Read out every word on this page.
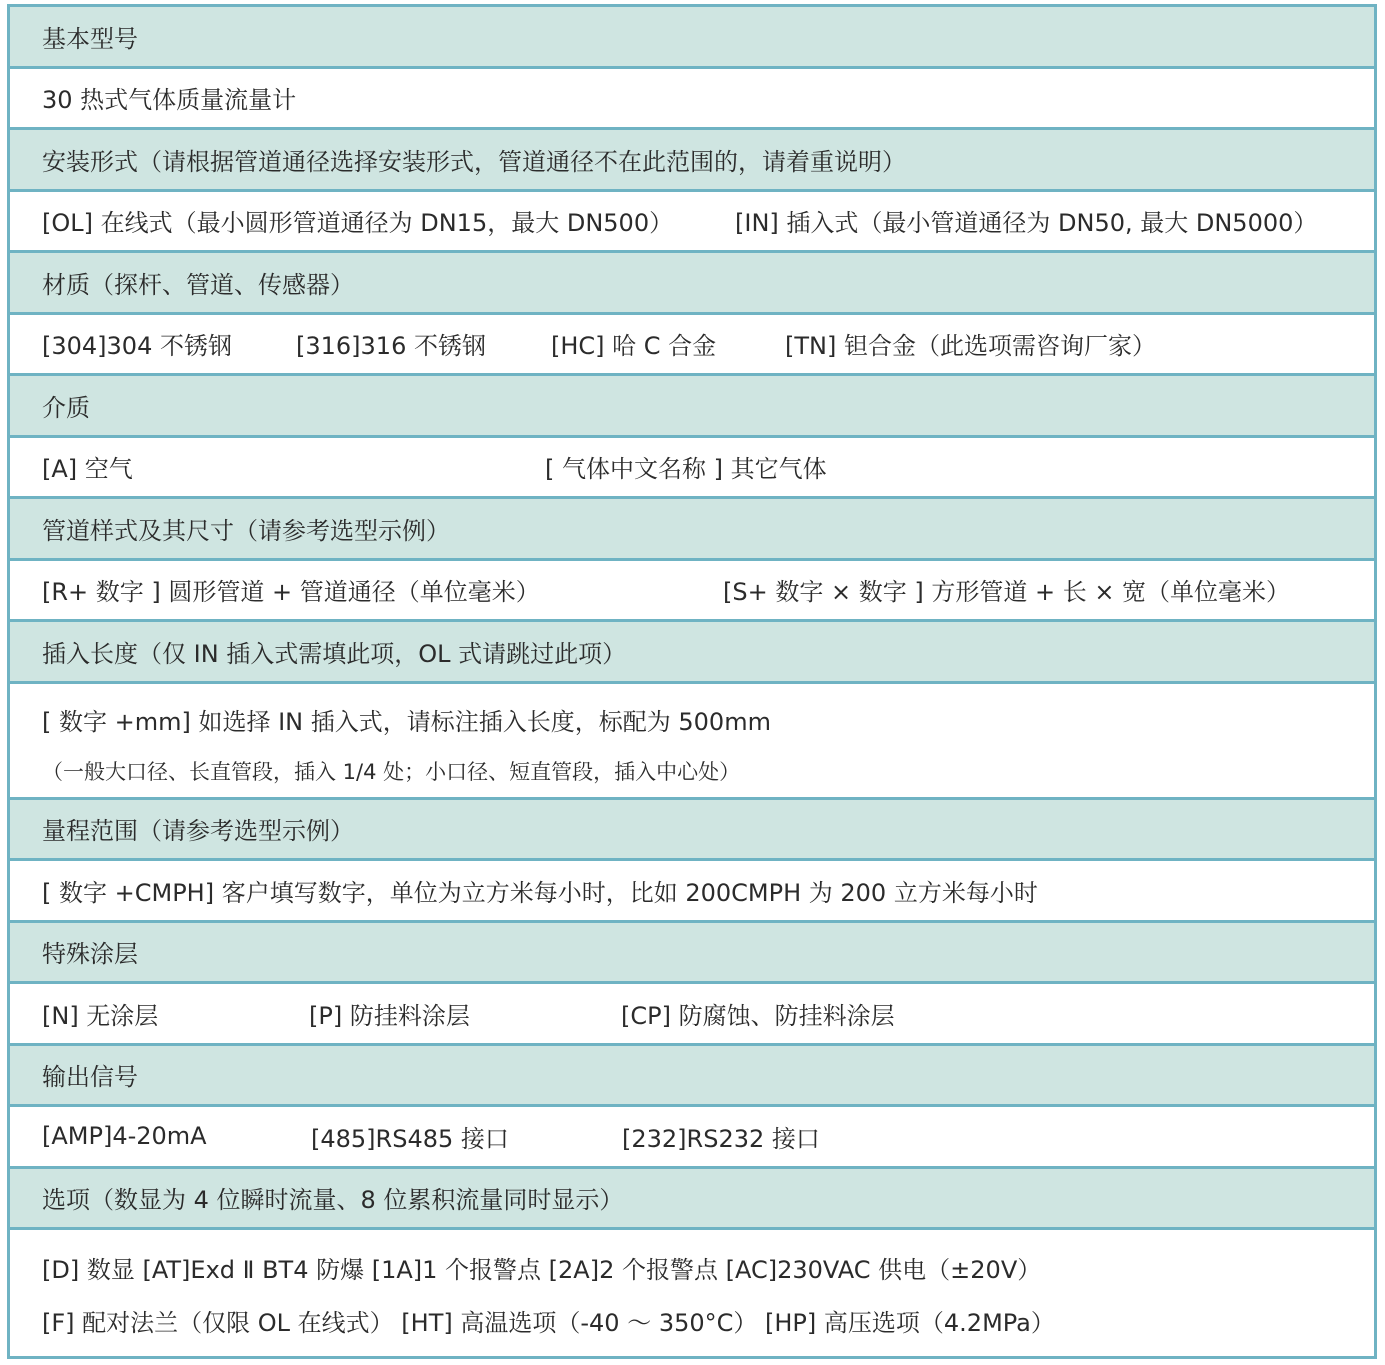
基本型号
30 热式气体质量流量计
安装形式（请根据管道通径选择安装形式，管道通径不在此范围的，请着重说明）
[OL] 在线式（最小圆形管道通径为 DN15，最大 DN500）	[IN] 插入式（最小管道通径为 DN50, 最大 DN5000）
材质（探杆、管道、传感器）
[304]304 不锈钢	[316]316 不锈钢	[HC] 哈 C 合金	[TN] 钽合金（此选项需咨询厂家）
介质
[A] 空气	[ 气体中文名称 ] 其它气体
管道样式及其尺寸（请参考选型示例）
[R+ 数字 ] 圆形管道 + 管道通径（单位毫米）	[S+ 数字 × 数字 ] 方形管道 + 长 × 宽（单位毫米）
插入长度（仅 IN 插入式需填此项，OL 式请跳过此项）
[ 数字 +mm] 如选择 IN 插入式，请标注插入长度，标配为 500mm
（一般大口径、长直管段，插入 1/4 处；小口径、短直管段，插入中心处）
量程范围（请参考选型示例）
[ 数字 +CMPH] 客户填写数字，单位为立方米每小时，比如 200CMPH 为 200 立方米每小时
特殊涂层
[N] 无涂层	[P] 防挂料涂层	[CP] 防腐蚀、防挂料涂层
输出信号
[AMP]4-20mA	[485]RS485 接口	[232]RS232 接口
选项（数显为 4 位瞬时流量、8 位累积流量同时显示）
[D] 数显 [AT]Exd Ⅱ BT4 防爆 [1A]1 个报警点 [2A]2 个报警点 [AC]230VAC 供电（±20V）
[F] 配对法兰（仅限 OL 在线式） [HT] 高温选项（-40 ～ 350°C） [HP] 高压选项（4.2MPa）
